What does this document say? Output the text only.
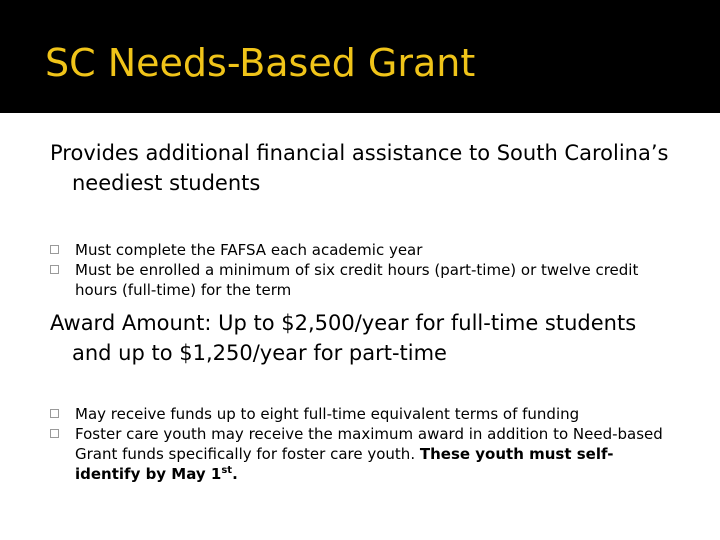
SC Needs-Based Grant

Provides additional financial assistance to South Carolina’s neediest students

Must complete the FAFSA each academic year
Must be enrolled a minimum of six credit hours (part-time) or twelve credit hours (full-time) for the term

Award Amount: Up to $2,500/year for full-time students and up to $1,250/year for part-time

May receive funds up to eight full-time equivalent terms of funding
Foster care youth may receive the maximum award in addition to Need-based Grant funds specifically for foster care youth. These youth must self-identify by May 1st.
